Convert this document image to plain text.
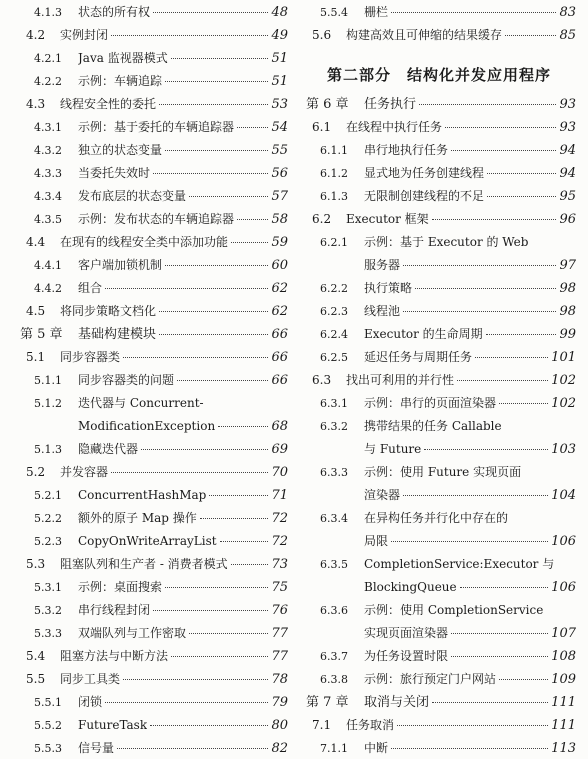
4.1.3	状态的所有权	48
4.2	实例封闭	49
4.2.1	Java 监视器模式	51
4.2.2	示例：车辆追踪	51
4.3	线程安全性的委托	53
4.3.1	示例：基于委托的车辆追踪器	54
4.3.2	独立的状态变量	55
4.3.3	当委托失效时	56
4.3.4	发布底层的状态变量	57
4.3.5	示例：发布状态的车辆追踪器	58
4.4	在现有的线程安全类中添加功能	59
4.4.1	客户端加锁机制	60
4.4.2	组合	62
4.5	将同步策略文档化	62
第 5 章	基础构建模块	66
5.1	同步容器类	66
5.1.1	同步容器类的问题	66
5.1.2	迭代器与 Concurrent-
ModificationException	68
5.1.3	隐藏迭代器	69
5.2	并发容器	70
5.2.1	ConcurrentHashMap	71
5.2.2	额外的原子 Map 操作	72
5.2.3	CopyOnWriteArrayList	72
5.3	阻塞队列和生产者 - 消费者模式	73
5.3.1	示例：桌面搜索	75
5.3.2	串行线程封闭	76
5.3.3	双端队列与工作密取	77
5.4	阻塞方法与中断方法	77
5.5	同步工具类	78
5.5.1	闭锁	79
5.5.2	FutureTask	80
5.5.3	信号量	82
5.5.4	栅栏	83
5.6	构建高效且可伸缩的结果缓存	85
第二部分　结构化并发应用程序
第 6 章	任务执行	93
6.1	在线程中执行任务	93
6.1.1	串行地执行任务	94
6.1.2	显式地为任务创建线程	94
6.1.3	无限制创建线程的不足	95
6.2	Executor 框架	96
6.2.1	示例：基于 Executor 的 Web
服务器	97
6.2.2	执行策略	98
6.2.3	线程池	98
6.2.4	Executor 的生命周期	99
6.2.5	延迟任务与周期任务	101
6.3	找出可利用的并行性	102
6.3.1	示例：串行的页面渲染器	102
6.3.2	携带结果的任务 Callable
与 Future	103
6.3.3	示例：使用 Future 实现页面
渲染器	104
6.3.4	在异构任务并行化中存在的
局限	106
6.3.5	CompletionService:Executor 与
BlockingQueue	106
6.3.6	示例：使用 CompletionService
实现页面渲染器	107
6.3.7	为任务设置时限	108
6.3.8	示例：旅行预定门户网站	109
第 7 章	取消与关闭	111
7.1	任务取消	111
7.1.1	中断	113
